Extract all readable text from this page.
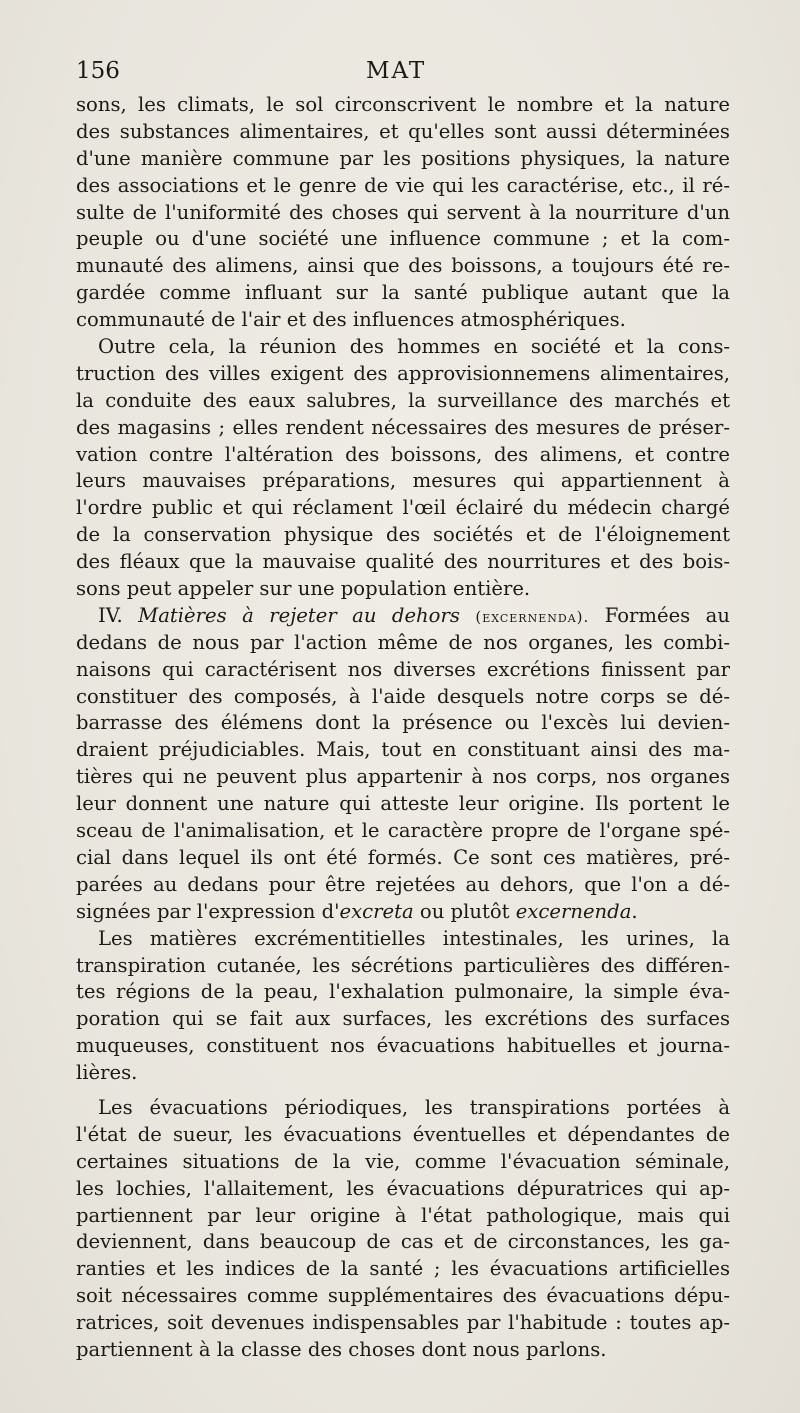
156	MAT
sons, les climats, le sol circonscrivent le nombre et la nature
des substances alimentaires, et qu'elles sont aussi déterminées
d'une manière commune par les positions physiques, la nature
des associations et le genre de vie qui les caractérise, etc., il ré-
sulte de l'uniformité des choses qui servent à la nourriture d'un
peuple ou d'une société une influence commune ; et la com-
munauté des alimens, ainsi que des boissons, a toujours été re-
gardée comme influant sur la santé publique autant que la
communauté de l'air et des influences atmosphériques.
Outre cela, la réunion des hommes en société et la cons-
truction des villes exigent des approvisionnemens alimentaires,
la conduite des eaux salubres, la surveillance des marchés et
des magasins ; elles rendent nécessaires des mesures de préser-
vation contre l'altération des boissons, des alimens, et contre
leurs mauvaises préparations, mesures qui appartiennent à
l'ordre public et qui réclament l'œil éclairé du médecin chargé
de la conservation physique des sociétés et de l'éloignement
des fléaux que la mauvaise qualité des nourritures et des bois-
sons peut appeler sur une population entière.
IV. Matières à rejeter au dehors (excernenda). Formées au
dedans de nous par l'action même de nos organes, les combi-
naisons qui caractérisent nos diverses excrétions finissent par
constituer des composés, à l'aide desquels notre corps se dé-
barrasse des élémens dont la présence ou l'excès lui devien-
draient préjudiciables. Mais, tout en constituant ainsi des ma-
tières qui ne peuvent plus appartenir à nos corps, nos organes
leur donnent une nature qui atteste leur origine. Ils portent le
sceau de l'animalisation, et le caractère propre de l'organe spé-
cial dans lequel ils ont été formés. Ce sont ces matières, pré-
parées au dedans pour être rejetées au dehors, que l'on a dé-
signées par l'expression d'excreta ou plutôt excernenda.
Les matières excrémentitielles intestinales, les urines, la
transpiration cutanée, les sécrétions particulières des différen-
tes régions de la peau, l'exhalation pulmonaire, la simple éva-
poration qui se fait aux surfaces, les excrétions des surfaces
muqueuses, constituent nos évacuations habituelles et journa-
lières.
Les évacuations périodiques, les transpirations portées à
l'état de sueur, les évacuations éventuelles et dépendantes de
certaines situations de la vie, comme l'évacuation séminale,
les lochies, l'allaitement, les évacuations dépuratrices qui ap-
partiennent par leur origine à l'état pathologique, mais qui
deviennent, dans beaucoup de cas et de circonstances, les ga-
ranties et les indices de la santé ; les évacuations artificielles
soit nécessaires comme supplémentaires des évacuations dépu-
ratrices, soit devenues indispensables par l'habitude : toutes ap-
partiennent à la classe des choses dont nous parlons.
